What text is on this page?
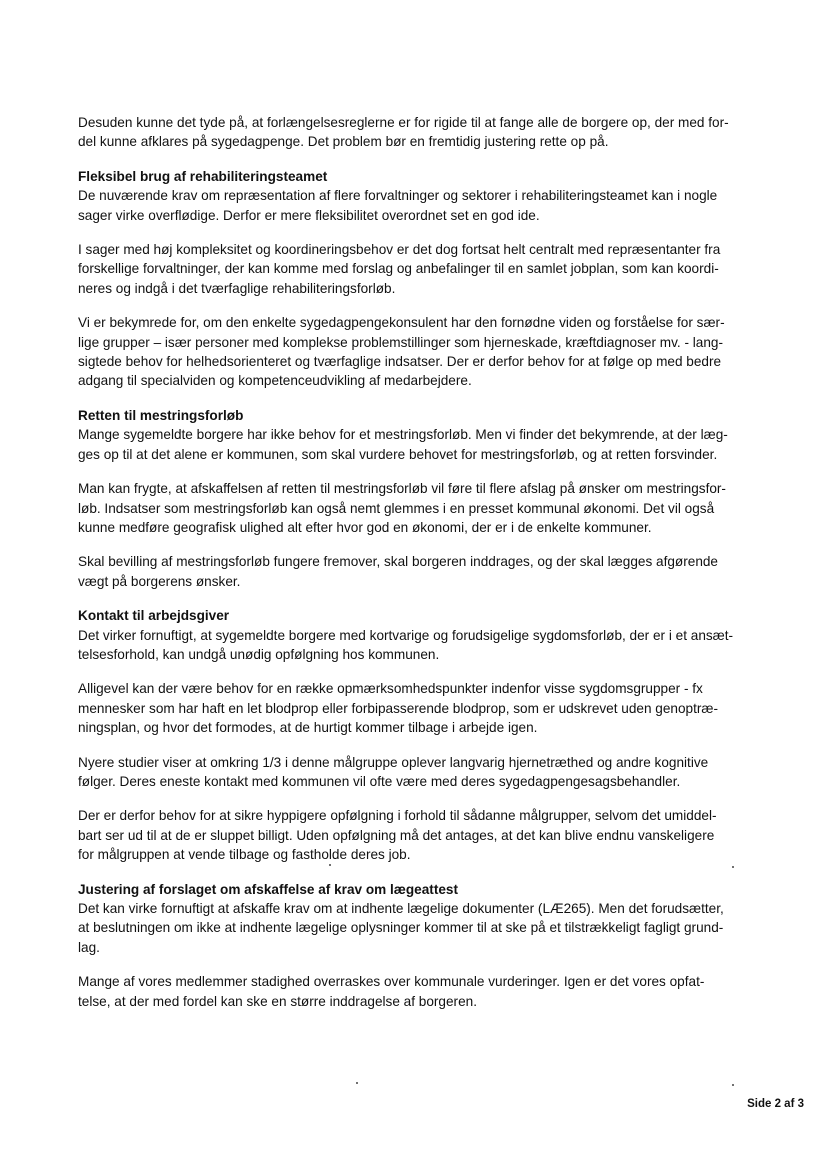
Desuden kunne det tyde på, at forlængelsesreglerne er for rigide til at fange alle de borgere op, der med for-
del kunne afklares på sygedagpenge. Det problem bør en fremtidig justering rette op på.
Fleksibel brug af rehabiliteringsteamet
De nuværende krav om repræsentation af flere forvaltninger og sektorer i rehabiliteringsteamet kan i nogle
sager virke overflødige. Derfor er mere fleksibilitet overordnet set en god ide.
I sager med høj kompleksitet og koordineringsbehov er det dog fortsat helt centralt med repræsentanter fra
forskellige forvaltninger, der kan komme med forslag og anbefalinger til en samlet jobplan, som kan koordi-
neres og indgå i det tværfaglige rehabiliteringsforløb.
Vi er bekymrede for, om den enkelte sygedagpengekonsulent har den fornødne viden og forståelse for sær-
lige grupper – især personer med komplekse problemstillinger som hjerneskade, kræftdiagnoser mv. - lang-
sigtede behov for helhedsorienteret og tværfaglige indsatser. Der er derfor behov for at følge op med bedre
adgang til specialviden og kompetenceudvikling af medarbejdere.
Retten til mestringsforløb
Mange sygemeldte borgere har ikke behov for et mestringsforløb. Men vi finder det bekymrende, at der læg-
ges op til at det alene er kommunen, som skal vurdere behovet for mestringsforløb, og at retten forsvinder.
Man kan frygte, at afskaffelsen af retten til mestringsforløb vil føre til flere afslag på ønsker om mestringsfor-
løb. Indsatser som mestringsforløb kan også nemt glemmes i en presset kommunal økonomi. Det vil også
kunne medføre geografisk ulighed alt efter hvor god en økonomi, der er i de enkelte kommuner.
Skal bevilling af mestringsforløb fungere fremover, skal borgeren inddrages, og der skal lægges afgørende
vægt på borgerens ønsker.
Kontakt til arbejdsgiver
Det virker fornuftigt, at sygemeldte borgere med kortvarige og forudsigelige sygdomsforløb, der er i et ansæt-
telsesforhold, kan undgå unødig opfølgning hos kommunen.
Alligevel kan der være behov for en række opmærksomhedspunkter indenfor visse sygdomsgrupper - fx
mennesker som har haft en let blodprop eller forbipasserende blodprop, som er udskrevet uden genoptræ-
ningsplan, og hvor det formodes, at de hurtigt kommer tilbage i arbejde igen.
Nyere studier viser at omkring 1/3 i denne målgruppe oplever langvarig hjernetræthed og andre kognitive
følger. Deres eneste kontakt med kommunen vil ofte være med deres sygedagpengesagsbehandler.
Der er derfor behov for at sikre hyppigere opfølgning i forhold til sådanne målgrupper, selvom det umiddel-
bart ser ud til at de er sluppet billigt. Uden opfølgning må det antages, at det kan blive endnu vanskeligere
for målgruppen at vende tilbage og fastholde deres job.
Justering af forslaget om afskaffelse af krav om lægeattest
Det kan virke fornuftigt at afskaffe krav om at indhente lægelige dokumenter (LÆ265). Men det forudsætter,
at beslutningen om ikke at indhente lægelige oplysninger kommer til at ske på et tilstrækkeligt fagligt grund-
lag.
Mange af vores medlemmer stadighed overraskes over kommunale vurderinger. Igen er det vores opfat-
telse, at der med fordel kan ske en større inddragelse af borgeren.
Side 2 af 3
